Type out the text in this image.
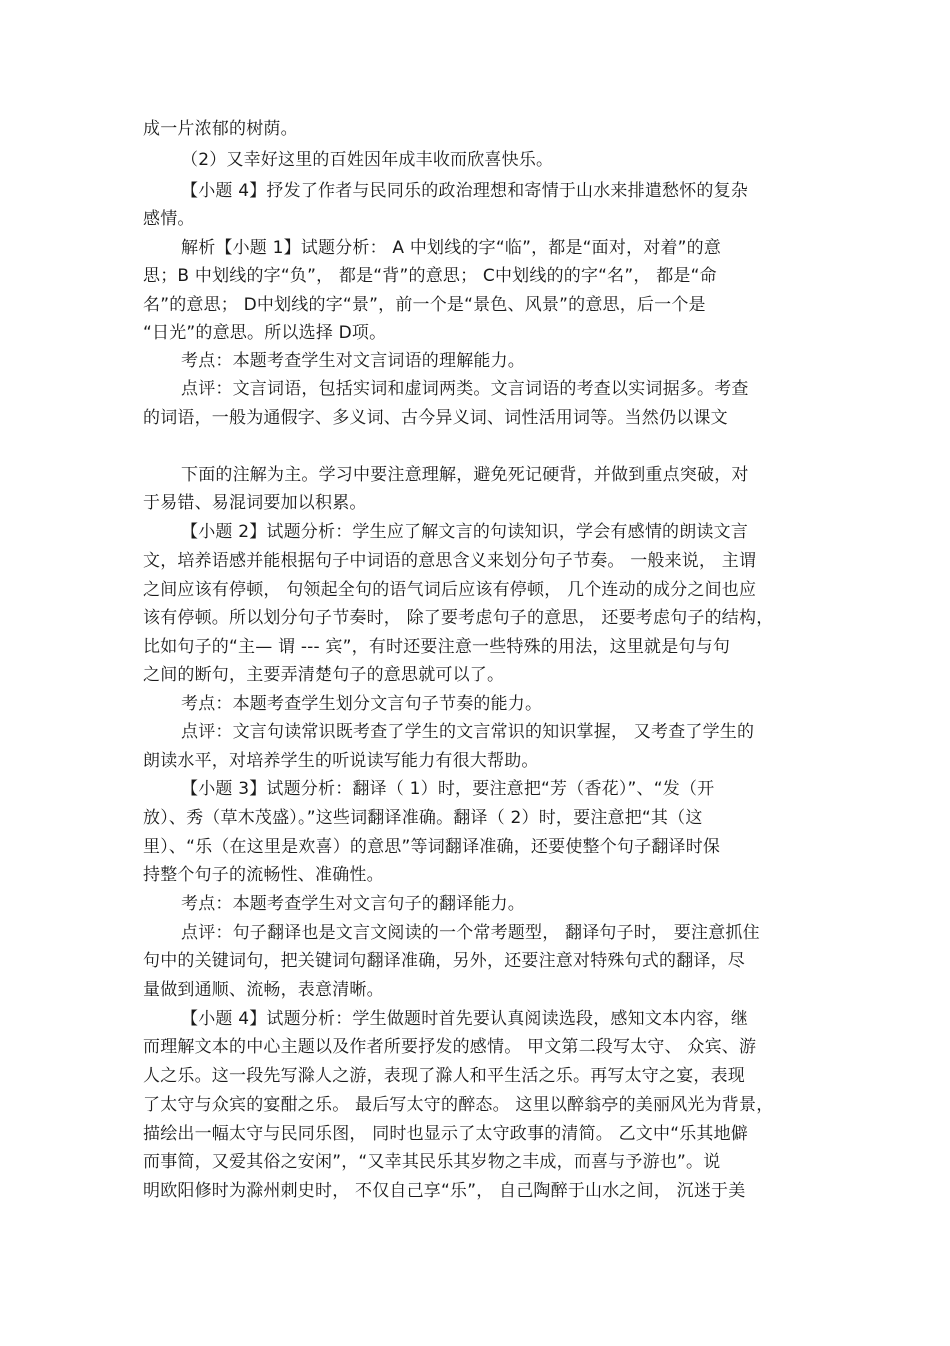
成一片浓郁的树荫。
（2）又幸好这里的百姓因年成丰收而欣喜快乐。
【小题 4】抒发了作者与民同乐的政治理想和寄情于山水来排遣愁怀的复杂
感情。
解析【小题 1】试题分析： A 中划线的字“临”，都是“面对，对着”的意
思；B 中划线的字“负”， 都是“背”的意思； C中划线的的字“名”， 都是“命
名”的意思； D中划线的字“景”，前一个是“景色、风景”的意思，后一个是
“日光”的意思。所以选择 D项。
考点：本题考查学生对文言词语的理解能力。
点评：文言词语，包括实词和虚词两类。文言词语的考查以实词据多。考查
的词语，一般为通假字、多义词、古今异义词、词性活用词等。当然仍以课文
下面的注解为主。学习中要注意理解，避免死记硬背，并做到重点突破，对
于易错、易混词要加以积累。
【小题 2】试题分析：学生应了解文言的句读知识，学会有感情的朗读文言
文，培养语感并能根据句子中词语的意思含义来划分句子节奏。 一般来说， 主谓
之间应该有停顿， 句领起全句的语气词后应该有停顿， 几个连动的成分之间也应
该有停顿。所以划分句子节奏时， 除了要考虑句子的意思， 还要考虑句子的结构，
比如句子的“主— 谓 --- 宾”，有时还要注意一些特殊的用法，这里就是句与句
之间的断句，主要弄清楚句子的意思就可以了。
考点：本题考查学生划分文言句子节奏的能力。
点评：文言句读常识既考查了学生的文言常识的知识掌握， 又考查了学生的
朗读水平，对培养学生的听说读写能力有很大帮助。
【小题 3】试题分析：翻译（ 1）时，要注意把“芳（香花）”、“发（开
放）、秀（草木茂盛）。”这些词翻译准确。翻译（ 2）时，要注意把“其（这
里）、“乐（在这里是欢喜）的意思”等词翻译准确，还要使整个句子翻译时保
持整个句子的流畅性、准确性。
考点：本题考查学生对文言句子的翻译能力。
点评：句子翻译也是文言文阅读的一个常考题型， 翻译句子时， 要注意抓住
句中的关键词句，把关键词句翻译准确，另外，还要注意对特殊句式的翻译，尽
量做到通顺、流畅，表意清晰。
【小题 4】试题分析：学生做题时首先要认真阅读选段，感知文本内容，继
而理解文本的中心主题以及作者所要抒发的感情。 甲文第二段写太守、 众宾、游
人之乐。这一段先写滁人之游，表现了滁人和平生活之乐。再写太守之宴，表现
了太守与众宾的宴酣之乐。 最后写太守的醉态。 这里以醉翁亭的美丽风光为背景，
描绘出一幅太守与民同乐图， 同时也显示了太守政事的清简。 乙文中“乐其地僻
而事简，又爱其俗之安闲”，“又幸其民乐其岁物之丰成，而喜与予游也”。说
明欧阳修时为滁州刺史时， 不仅自己享“乐”， 自己陶醉于山水之间， 沉迷于美
